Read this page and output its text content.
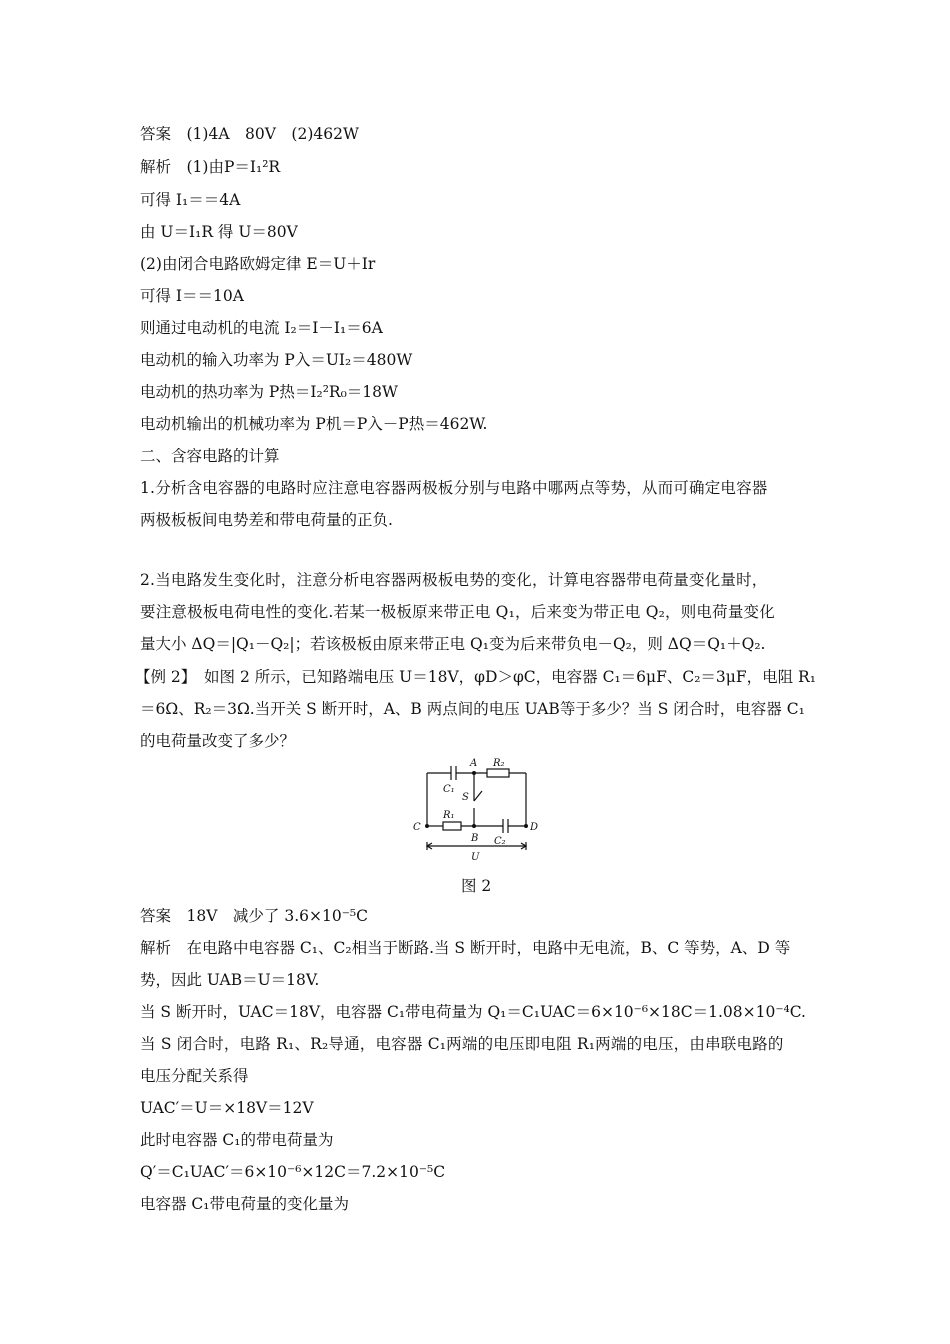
答案　(1)4A　80V　(2)462W
解析　(1)由P＝I₁²R
可得 I₁＝＝4A
由 U＝I₁R 得 U＝80V
(2)由闭合电路欧姆定律 E＝U＋Ir
可得 I＝＝10A
则通过电动机的电流 I₂＝I－I₁＝6A
电动机的输入功率为 P入＝UI₂＝480W
电动机的热功率为 P热＝I₂²R₀＝18W
电动机输出的机械功率为 P机＝P入－P热＝462W.
二、含容电路的计算
1.分析含电容器的电路时应注意电容器两极板分别与电路中哪两点等势，从而可确定电容器
两极板板间电势差和带电荷量的正负.
2.当电路发生变化时，注意分析电容器两极板电势的变化，计算电容器带电荷量变化量时，
要注意极板电荷电性的变化.若某一极板原来带正电 Q₁，后来变为带正电 Q₂，则电荷量变化
量大小 ΔQ＝|Q₁－Q₂|；若该极板由原来带正电 Q₁变为后来带负电－Q₂，则 ΔQ＝Q₁＋Q₂.
【例 2】　如图 2 所示，已知路端电压 U＝18V，φD＞φC，电容器 C₁＝6μF、C₂＝3μF，电阻 R₁
＝6Ω、R₂＝3Ω.当开关 S 断开时，A、B 两点间的电压 UAB等于多少？当 S 闭合时，电容器 C₁
的电荷量改变了多少？
A
B
C	D
S
C₁
C₂
R₁
R₂
U
图 2
答案　18V　减少了 3.6×10⁻⁵C
解析　在电路中电容器 C₁、C₂相当于断路.当 S 断开时，电路中无电流，B、C 等势，A、D 等
势，因此 UAB＝U＝18V.
当 S 断开时，UAC＝18V，电容器 C₁带电荷量为 Q₁＝C₁UAC＝6×10⁻⁶×18C＝1.08×10⁻⁴C.
当 S 闭合时，电路 R₁、R₂导通，电容器 C₁两端的电压即电阻 R₁两端的电压，由串联电路的
电压分配关系得
UAC′＝U＝×18V＝12V
此时电容器 C₁的带电荷量为
Q′＝C₁UAC′＝6×10⁻⁶×12C＝7.2×10⁻⁵C
电容器 C₁带电荷量的变化量为
